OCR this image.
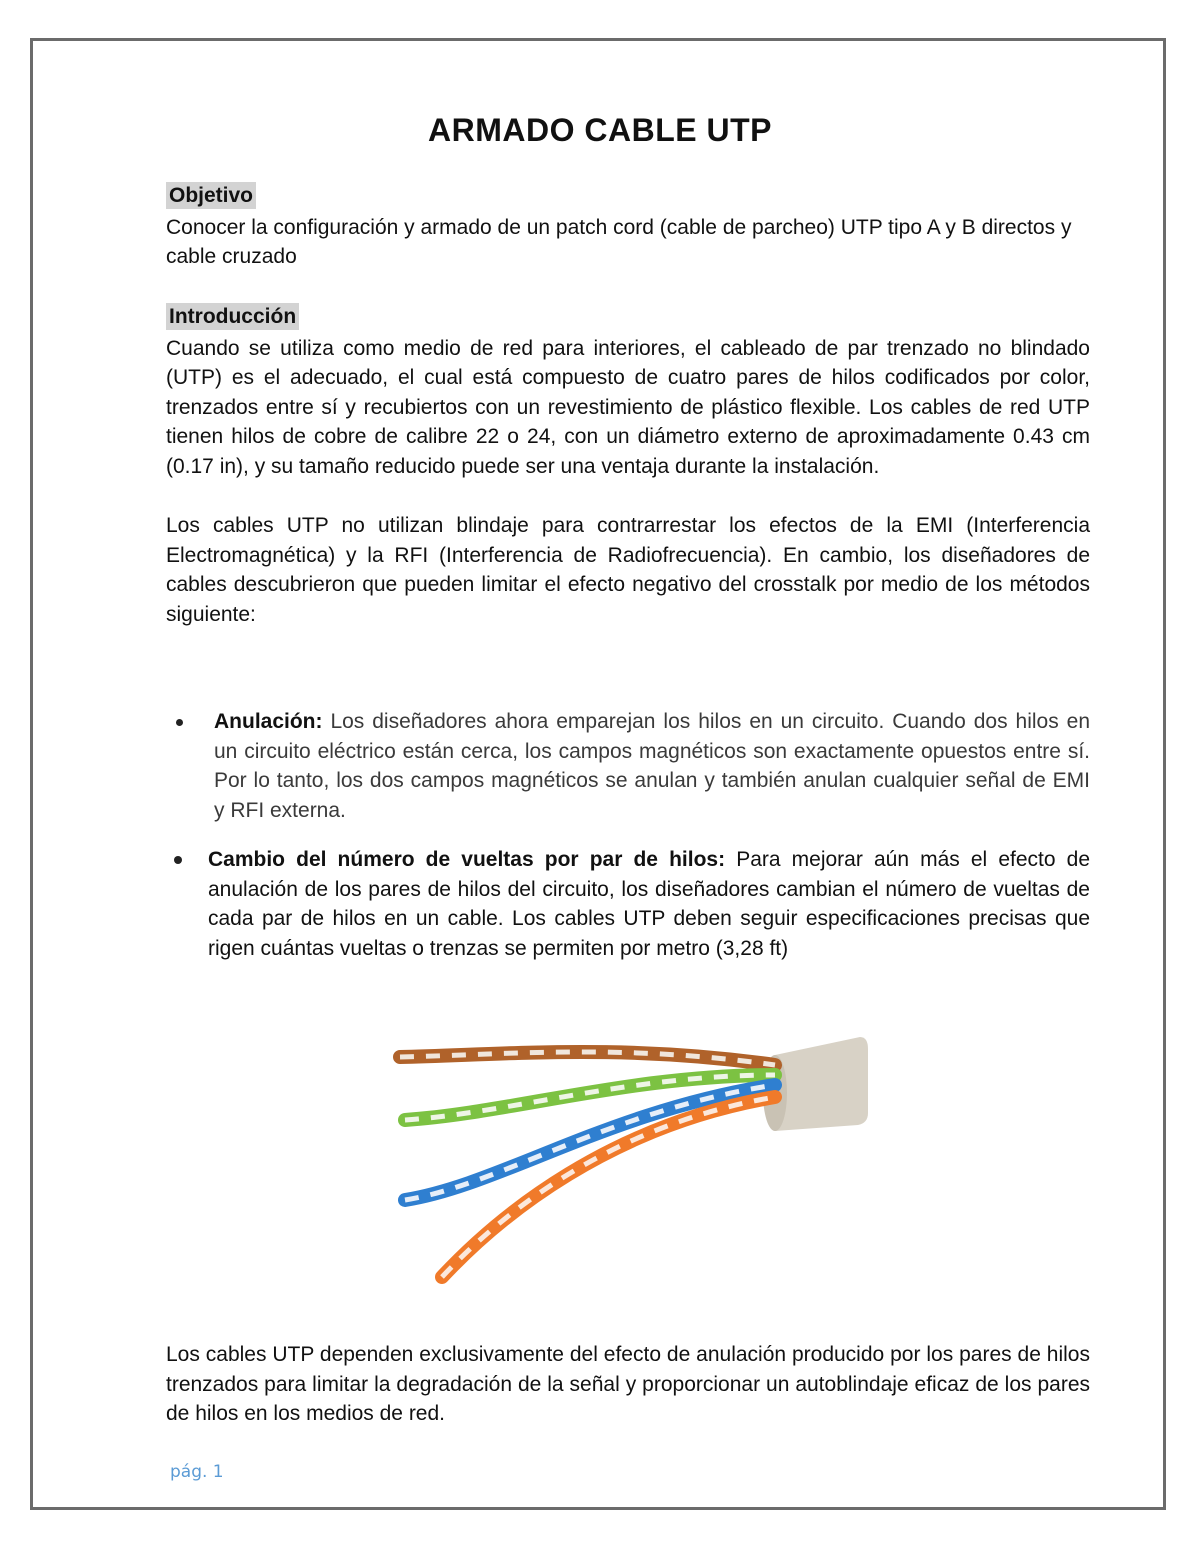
ARMADO CABLE UTP
Objetivo
Conocer la configuración y armado de un patch cord (cable de parcheo) UTP tipo A y B directos y cable cruzado
Introducción
Cuando se utiliza como medio de red para interiores, el cableado de par trenzado no blindado (UTP) es el adecuado, el cual está compuesto de cuatro pares de hilos codificados por color, trenzados entre sí y recubiertos con un revestimiento de plástico flexible. Los cables de red UTP tienen hilos de cobre de calibre 22 o 24, con un diámetro externo de aproximadamente 0.43 cm (0.17 in), y su tamaño reducido puede ser una ventaja durante la instalación.
Los cables UTP no utilizan blindaje para contrarrestar los efectos de la EMI (Interferencia Electromagnética) y la RFI (Interferencia de Radiofrecuencia). En cambio, los diseñadores de cables descubrieron que pueden limitar el efecto negativo del crosstalk por medio de los métodos siguiente:
Anulación: Los diseñadores ahora emparejan los hilos en un circuito. Cuando dos hilos en un circuito eléctrico están cerca, los campos magnéticos son exactamente opuestos entre sí. Por lo tanto, los dos campos magnéticos se anulan y también anulan cualquier señal de EMI y RFI externa.
Cambio del número de vueltas por par de hilos: Para mejorar aún más el efecto de anulación de los pares de hilos del circuito, los diseñadores cambian el número de vueltas de cada par de hilos en un cable. Los cables UTP deben seguir especificaciones precisas que rigen cuántas vueltas o trenzas se permiten por metro (3,28 ft)
Los cables UTP dependen exclusivamente del efecto de anulación producido por los pares de hilos trenzados para limitar la degradación de la señal y proporcionar un autoblindaje eficaz de los pares de hilos en los medios de red.
pág. 1
